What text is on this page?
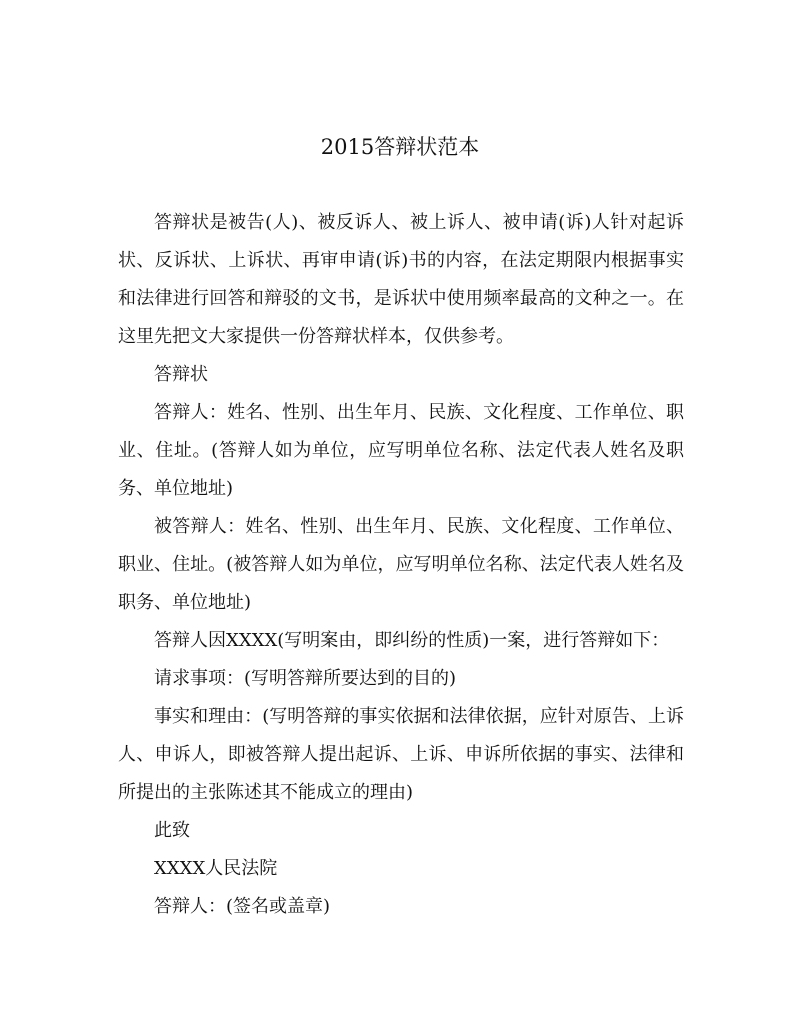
2015答辩状范本

答辩状是被告(人)、被反诉人、被上诉人、被申请(诉)人针对起诉状、反诉状、上诉状、再审申请(诉)书的内容，在法定期限内根据事实和法律进行回答和辩驳的文书，是诉状中使用频率最高的文种之一。在这里先把文大家提供一份答辩状样本，仅供参考。

答辩状

答辩人：姓名、性别、出生年月、民族、文化程度、工作单位、职业、住址。(答辩人如为单位，应写明单位名称、法定代表人姓名及职务、单位地址)

被答辩人：姓名、性别、出生年月、民族、文化程度、工作单位、职业、住址。(被答辩人如为单位，应写明单位名称、法定代表人姓名及职务、单位地址)

答辩人因XXXX(写明案由，即纠纷的性质)一案，进行答辩如下：

请求事项：(写明答辩所要达到的目的)

事实和理由：(写明答辩的事实依据和法律依据，应针对原告、上诉人、申诉人，即被答辩人提出起诉、上诉、申诉所依据的事实、法律和所提出的主张陈述其不能成立的理由)

此致

XXXX人民法院

答辩人：(签名或盖章)
